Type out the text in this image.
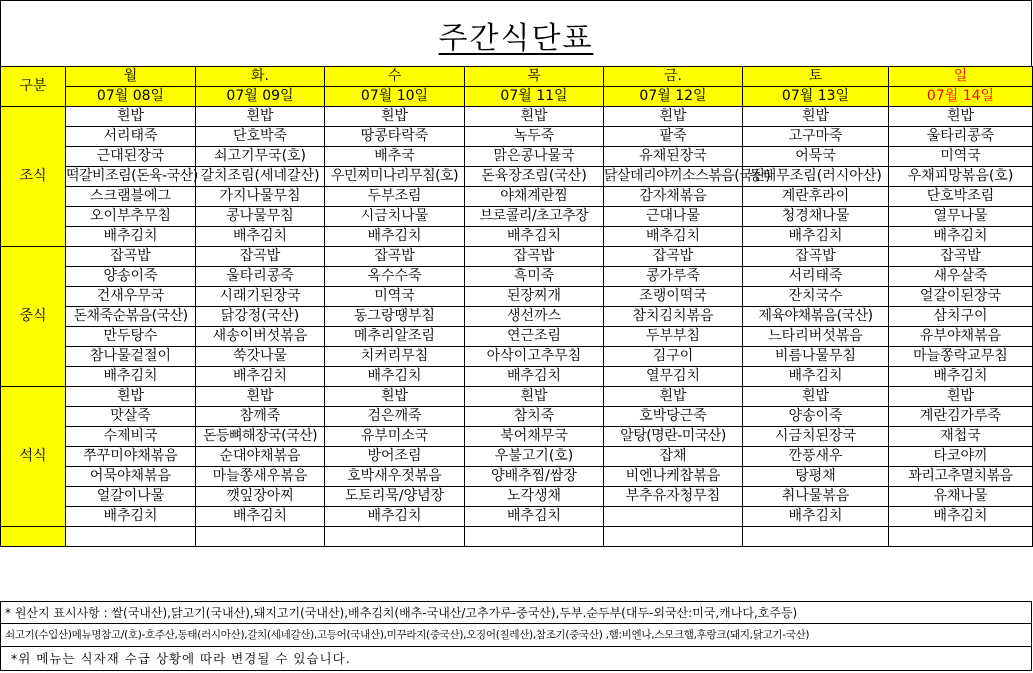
주간식단표
구분	월	화.	수	목	금.	토	일
	07월 08일	07월 09일	07월 10일	07월 11일	07월 12일	07월 13일	07월 14일
조식	흰밥	흰밥	흰밥	흰밥	흰밥	흰밥	흰밥
	서리태죽	단호박죽	땅콩타락죽	녹두죽	팥죽	고구마죽	울타리콩죽
	근대된장국	쇠고기무국(호)	배추국	맑은콩나물국	유채된장국	어묵국	미역국
	떡갈비조림(돈육-국산)	갈치조림(세네갈산)	우민찌미나리무침(호)	돈육장조림(국산)	닭살데리야끼소스볶음(국산)	동태무조림(러시아산)	우채피망볶음(호)
	스크램블에그	가지나물무침	두부조림	야채계란찜	감자채볶음	계란후라이	단호박조림
	오이부추무침	콩나물무침	시금치나물	브로콜리/초고추장	근대나물	청경채나물	열무나물
	배추김치	배추김치	배추김치	배추김치	배추김치	배추김치	배추김치
중식	잡곡밥	잡곡밥	잡곡밥	잡곡밥	잡곡밥	잡곡밥	잡곡밥
	양송이죽	울타리콩죽	옥수수죽	흑미죽	콩가루죽	서리태죽	새우살죽
	건새우무국	시래기된장국	미역국	된장찌개	조랭이떡국	잔치국수	얼갈이된장국
	돈채죽순볶음(국산)	닭강정(국산)	동그랑땡부침	생선까스	참치김치볶음	제육야채볶음(국산)	삼치구이
	만두탕수	새송이버섯볶음	메추리알조림	연근조림	두부부침	느타리버섯볶음	유부야채볶음
	참나물겉절이	쑥갓나물	치커리무침	아삭이고추무침	김구이	비름나물무침	마늘쫑락교무침
	배추김치	배추김치	배추김치	배추김치	열무김치	배추김치	배추김치
석식	흰밥	흰밥	흰밥	흰밥	흰밥	흰밥	흰밥
	맛살죽	참깨죽	검은깨죽	참치죽	호박당근죽	양송이죽	계란김가루죽
	수제비국	돈등뼈해장국(국산)	유부미소국	북어채무국	알탕(명란-미국산)	시금치된장국	재첩국
	쭈꾸미야채볶음	순대야채볶음	방어조림	우불고기(호)	잡채	깐풍새우	타코야끼
	어묵야채볶음	마늘쫑새우볶음	호박새우젓볶음	양배추찜/쌈장	비엔나케찹볶음	탕평채	꽈리고추멸치볶음
	얼갈이나물	깻잎장아찌	도토리묵/양념장	노각생채	부추유자청무침	취나물볶음	유채나물
	배추김치	배추김치	배추김치	배추김치		배추김치	배추김치

* 원산지 표시사항 : 쌀(국내산),닭고기(국내산),돼지고기(국내산),배추김치(배추-국내산/고추가루-중국산),두부.순두부(대두-외국산:미국,캐나다,호주등)
쇠고기(수입산)메뉴명참고/(호)-호주산,동태(러시아산),갈치(세네갈산),고등어(국내산),미꾸라지(중국산),오징어(칠레산),참조기(중국산) ,햄:비엔나,스모크햄,후랑크(돼지,닭고기-국산)
*위 메뉴는 식자재 수급 상황에 따라 변경될 수 있습니다.
